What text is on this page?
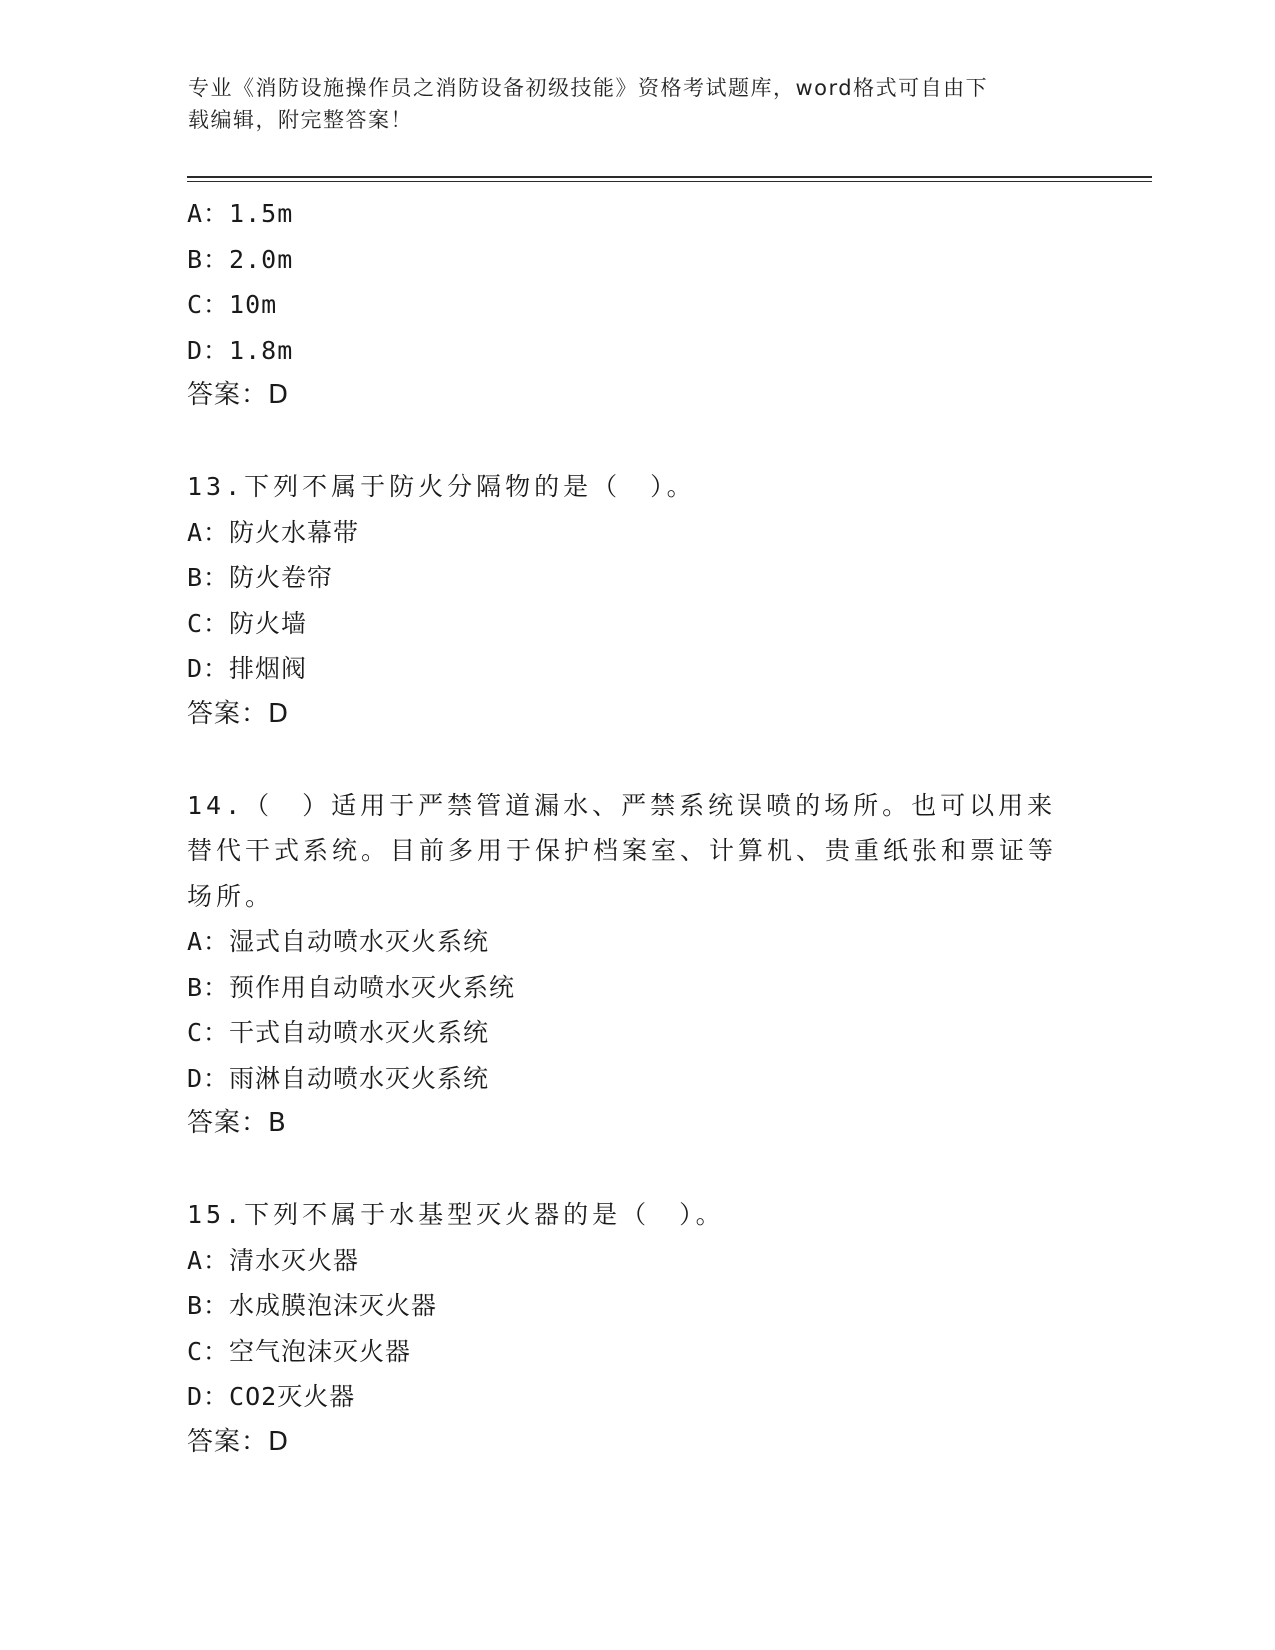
专业《消防设施操作员之消防设备初级技能》资格考试题库，word格式可自由下
载编辑，附完整答案！
A：1.5m
B：2.0m
C：10m
D：1.8m
答案：D
13.下列不属于防火分隔物的是（　）。
A：防火水幕带
B：防火卷帘
C：防火墙
D：排烟阀
答案：D
14.（　）适用于严禁管道漏水、严禁系统误喷的场所。也可以用来替代干式系统。目前多用于保护档案室、计算机、贵重纸张和票证等场所。
A：湿式自动喷水灭火系统
B：预作用自动喷水灭火系统
C：干式自动喷水灭火系统
D：雨淋自动喷水灭火系统
答案：B
15.下列不属于水基型灭火器的是（　）。
A：清水灭火器
B：水成膜泡沫灭火器
C：空气泡沫灭火器
D：CO2灭火器
答案：D
